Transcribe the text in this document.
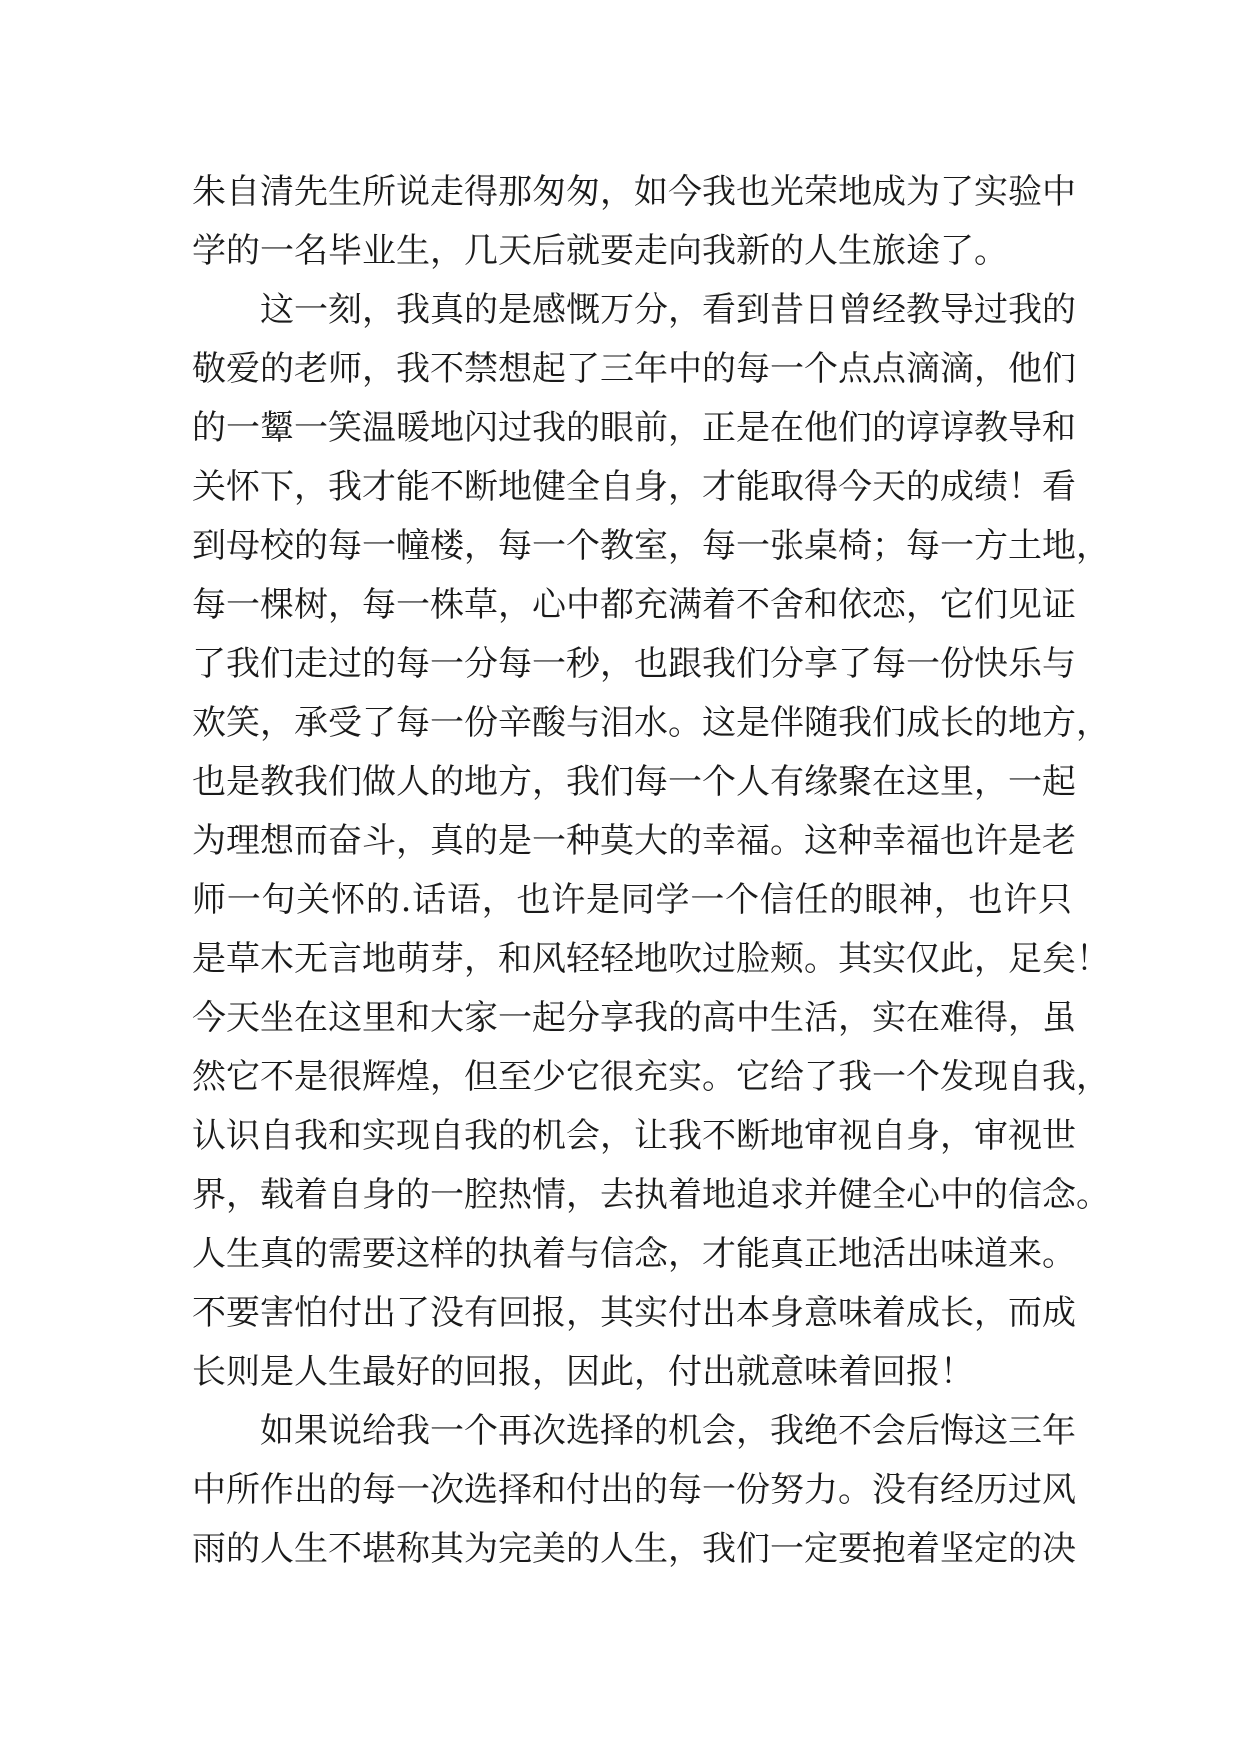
朱自清先生所说走得那匆匆，如今我也光荣地成为了实验中
学的一名毕业生，几天后就要走向我新的人生旅途了。
这一刻，我真的是感慨万分，看到昔日曾经教导过我的
敬爱的老师，我不禁想起了三年中的每一个点点滴滴，他们
的一颦一笑温暖地闪过我的眼前，正是在他们的谆谆教导和
关怀下，我才能不断地健全自身，才能取得今天的成绩！看
到母校的每一幢楼，每一个教室，每一张桌椅；每一方土地，
每一棵树，每一株草，心中都充满着不舍和依恋，它们见证
了我们走过的每一分每一秒，也跟我们分享了每一份快乐与
欢笑，承受了每一份辛酸与泪水。这是伴随我们成长的地方，
也是教我们做人的地方，我们每一个人有缘聚在这里，一起
为理想而奋斗，真的是一种莫大的幸福。这种幸福也许是老
师一句关怀的.话语，也许是同学一个信任的眼神，也许只
是草木无言地萌芽，和风轻轻地吹过脸颊。其实仅此，足矣！
今天坐在这里和大家一起分享我的高中生活，实在难得，虽
然它不是很辉煌，但至少它很充实。它给了我一个发现自我，
认识自我和实现自我的机会，让我不断地审视自身，审视世
界，载着自身的一腔热情，去执着地追求并健全心中的信念。
人生真的需要这样的执着与信念，才能真正地活出味道来。
不要害怕付出了没有回报，其实付出本身意味着成长，而成
长则是人生最好的回报，因此，付出就意味着回报！
如果说给我一个再次选择的机会，我绝不会后悔这三年
中所作出的每一次选择和付出的每一份努力。没有经历过风
雨的人生不堪称其为完美的人生，我们一定要抱着坚定的决
